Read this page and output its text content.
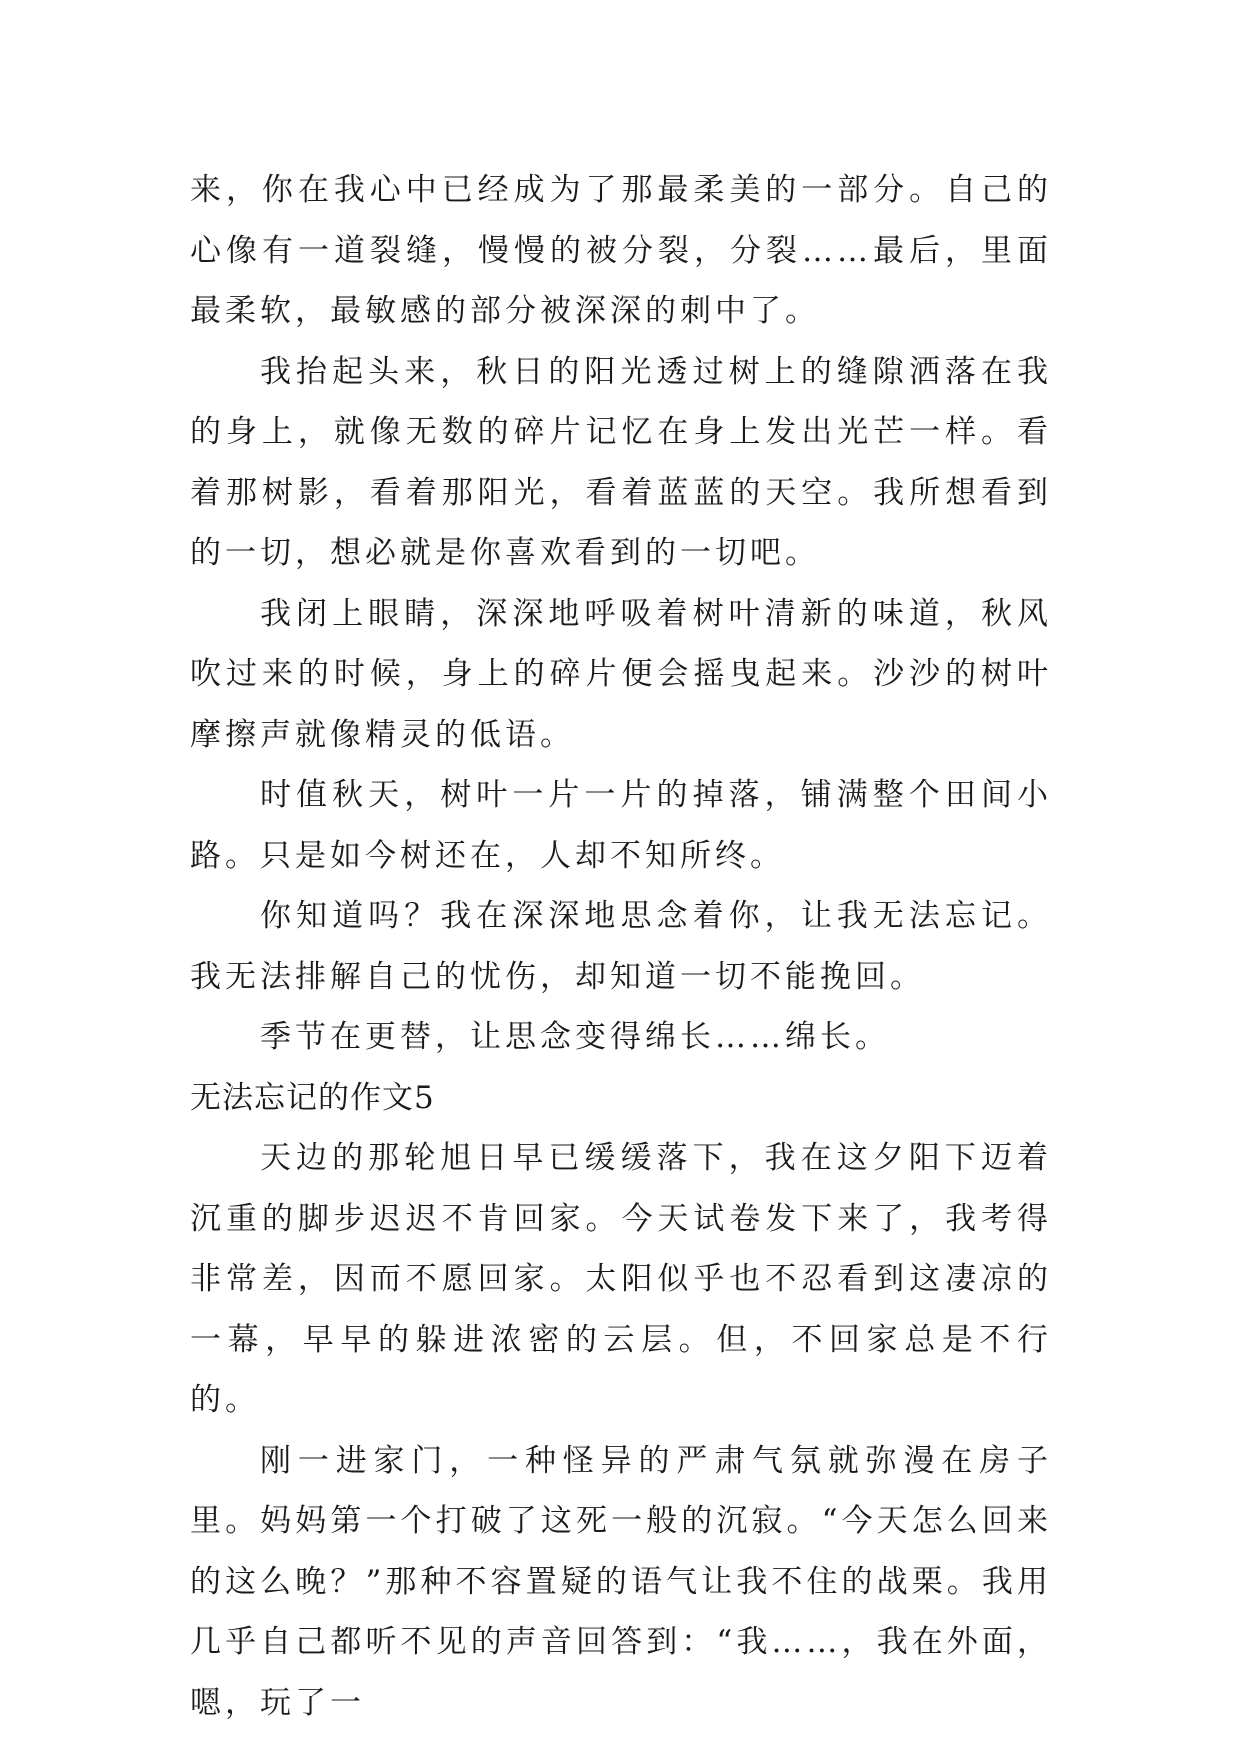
来，你在我心中已经成为了那最柔美的一部分。自己的心像有一道裂缝，慢慢的被分裂，分裂……最后，里面最柔软，最敏感的部分被深深的刺中了。

我抬起头来，秋日的阳光透过树上的缝隙洒落在我的身上，就像无数的碎片记忆在身上发出光芒一样。看着那树影，看着那阳光，看着蓝蓝的天空。我所想看到的一切，想必就是你喜欢看到的一切吧。

我闭上眼睛，深深地呼吸着树叶清新的味道，秋风吹过来的时候，身上的碎片便会摇曳起来。沙沙的树叶摩擦声就像精灵的低语。

时值秋天，树叶一片一片的掉落，铺满整个田间小路。只是如今树还在，人却不知所终。

你知道吗？我在深深地思念着你，让我无法忘记。我无法排解自己的忧伤，却知道一切不能挽回。

季节在更替，让思念变得绵长……绵长。

无法忘记的作文5

天边的那轮旭日早已缓缓落下，我在这夕阳下迈着沉重的脚步迟迟不肯回家。今天试卷发下来了，我考得非常差，因而不愿回家。太阳似乎也不忍看到这凄凉的一幕，早早的躲进浓密的云层。但，不回家总是不行的。

刚一进家门，一种怪异的严肃气氛就弥漫在房子里。妈妈第一个打破了这死一般的沉寂。“今天怎么回来的这么晚？”那种不容置疑的语气让我不住的战栗。我用几乎自己都听不见的声音回答到：“我……，我在外面，嗯，玩了一
